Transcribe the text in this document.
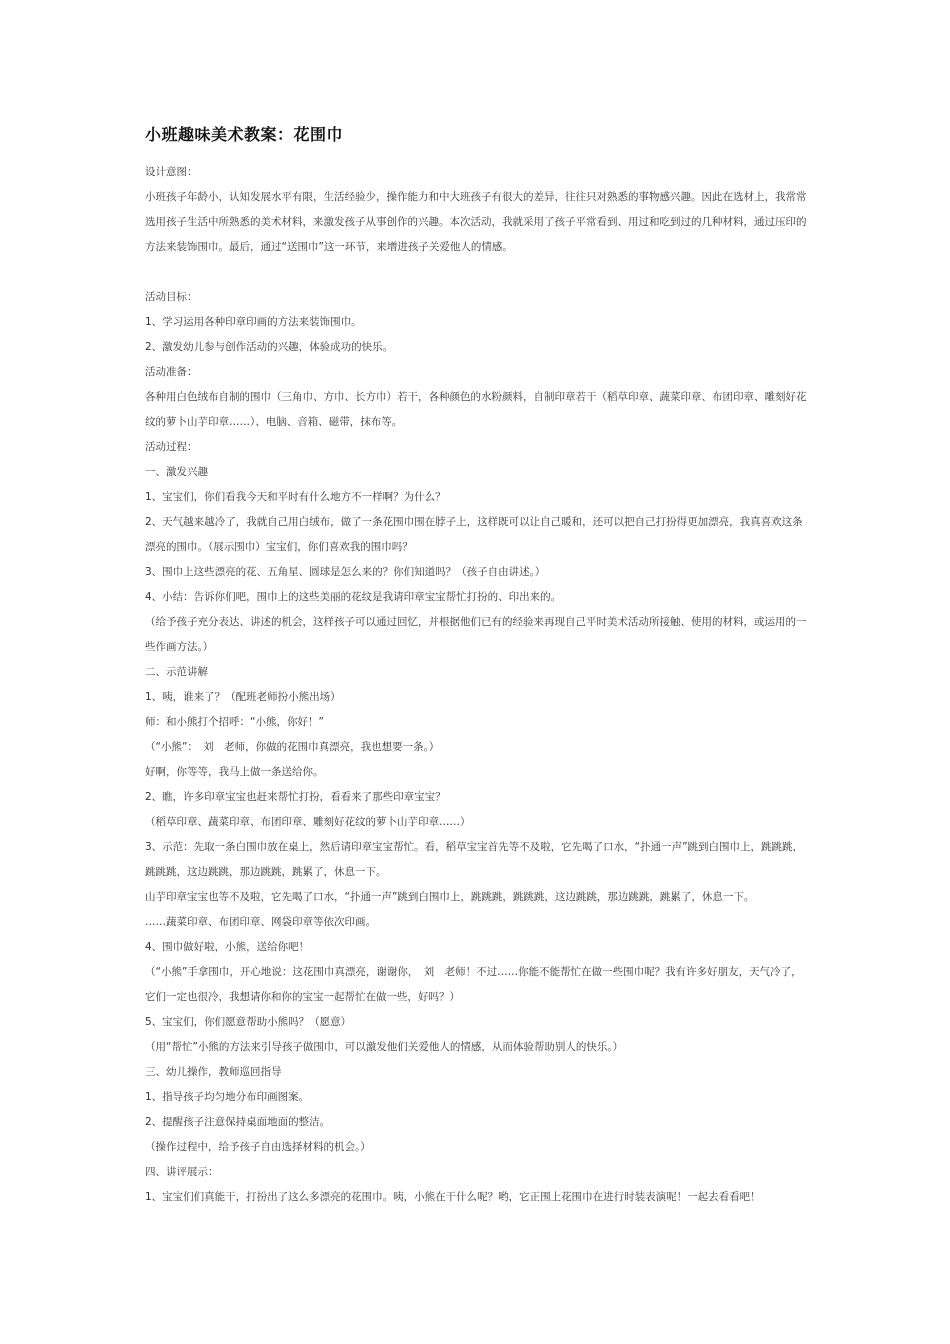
小班趣味美术教案：花围巾

设计意图：

小班孩子年龄小，认知发展水平有限，生活经验少，操作能力和中大班孩子有很大的差异，往往只对熟悉的事物感兴趣。因此在选材上，我常常选用孩子生活中所熟悉的美术材料，来激发孩子从事创作的兴趣。本次活动，我就采用了孩子平常看到、用过和吃到过的几种材料，通过压印的方法来装饰围巾。最后，通过“送围巾”这一环节，来增进孩子关爱他人的情感。

活动目标：

1、学习运用各种印章印画的方法来装饰围巾。

2、激发幼儿参与创作活动的兴趣，体验成功的快乐。

活动准备：

各种用白色绒布自制的围巾（三角巾、方巾、长方巾）若干，各种颜色的水粉颜料，自制印章若干（稻草印章、蔬菜印章、布团印章、雕刻好花纹的萝卜山芋印章……）、电脑、音箱、磁带，抹布等。

活动过程：

一、激发兴趣

1、宝宝们，你们看我今天和平时有什么地方不一样啊？为什么？

2、天气越来越冷了，我就自己用白绒布，做了一条花围巾围在脖子上，这样既可以让自己暖和，还可以把自己打扮得更加漂亮，我真喜欢这条漂亮的围巾。（展示围巾）宝宝们，你们喜欢我的围巾吗？

3、围巾上这些漂亮的花、五角星、圆球是怎么来的？你们知道吗？（孩子自由讲述。）

4、小结：告诉你们吧，围巾上的这些美丽的花纹是我请印章宝宝帮忙打扮的、印出来的。

（给予孩子充分表达、讲述的机会，这样孩子可以通过回忆，并根据他们已有的经验来再现自己平时美术活动所接触、使用的材料，或运用的一些作画方法。）

二、示范讲解

1、咦，谁来了？（配班老师扮小熊出场）

师：和小熊打个招呼：“小熊，你好！”

（“小熊”：　刘　老师，你做的花围巾真漂亮，我也想要一条。）

好啊，你等等，我马上做一条送给你。

2、瞧，许多印章宝宝也赶来帮忙打扮，看看来了那些印章宝宝？

（稻草印章、蔬菜印章、布团印章、雕刻好花纹的萝卜山芋印章……）

3、示范：先取一条白围巾放在桌上，然后请印章宝宝帮忙。看，稻草宝宝首先等不及啦，它先喝了口水，“扑通一声”跳到白围巾上，跳跳跳，跳跳跳，这边跳跳，那边跳跳，跳累了，休息一下。

山芋印章宝宝也等不及啦，它先喝了口水，“扑通一声”跳到白围巾上，跳跳跳，跳跳跳，这边跳跳，那边跳跳，跳累了，休息一下。

……蔬菜印章、布团印章、网袋印章等依次印画。

4、围巾做好啦，小熊，送给你吧！

（“小熊”手拿围巾，开心地说：这花围巾真漂亮，谢谢你，　刘　老师！不过……你能不能帮忙在做一些围巾呢？我有许多好朋友，天气冷了，它们一定也很冷，我想请你和你的宝宝一起帮忙在做一些，好吗？）

5、宝宝们，你们愿意帮助小熊吗？（愿意）

（用“帮忙”小熊的方法来引导孩子做围巾，可以激发他们关爱他人的情感，从而体验帮助别人的快乐。）

三、幼儿操作，教师巡回指导

1、指导孩子均匀地分布印画图案。

2、提醒孩子注意保持桌面地面的整洁。

（操作过程中，给予孩子自由选择材料的机会。）

四、讲评展示：

1、宝宝们们真能干，打扮出了这么多漂亮的花围巾。咦，小熊在干什么呢？哟，它正围上花围巾在进行时装表演呢！一起去看看吧！
